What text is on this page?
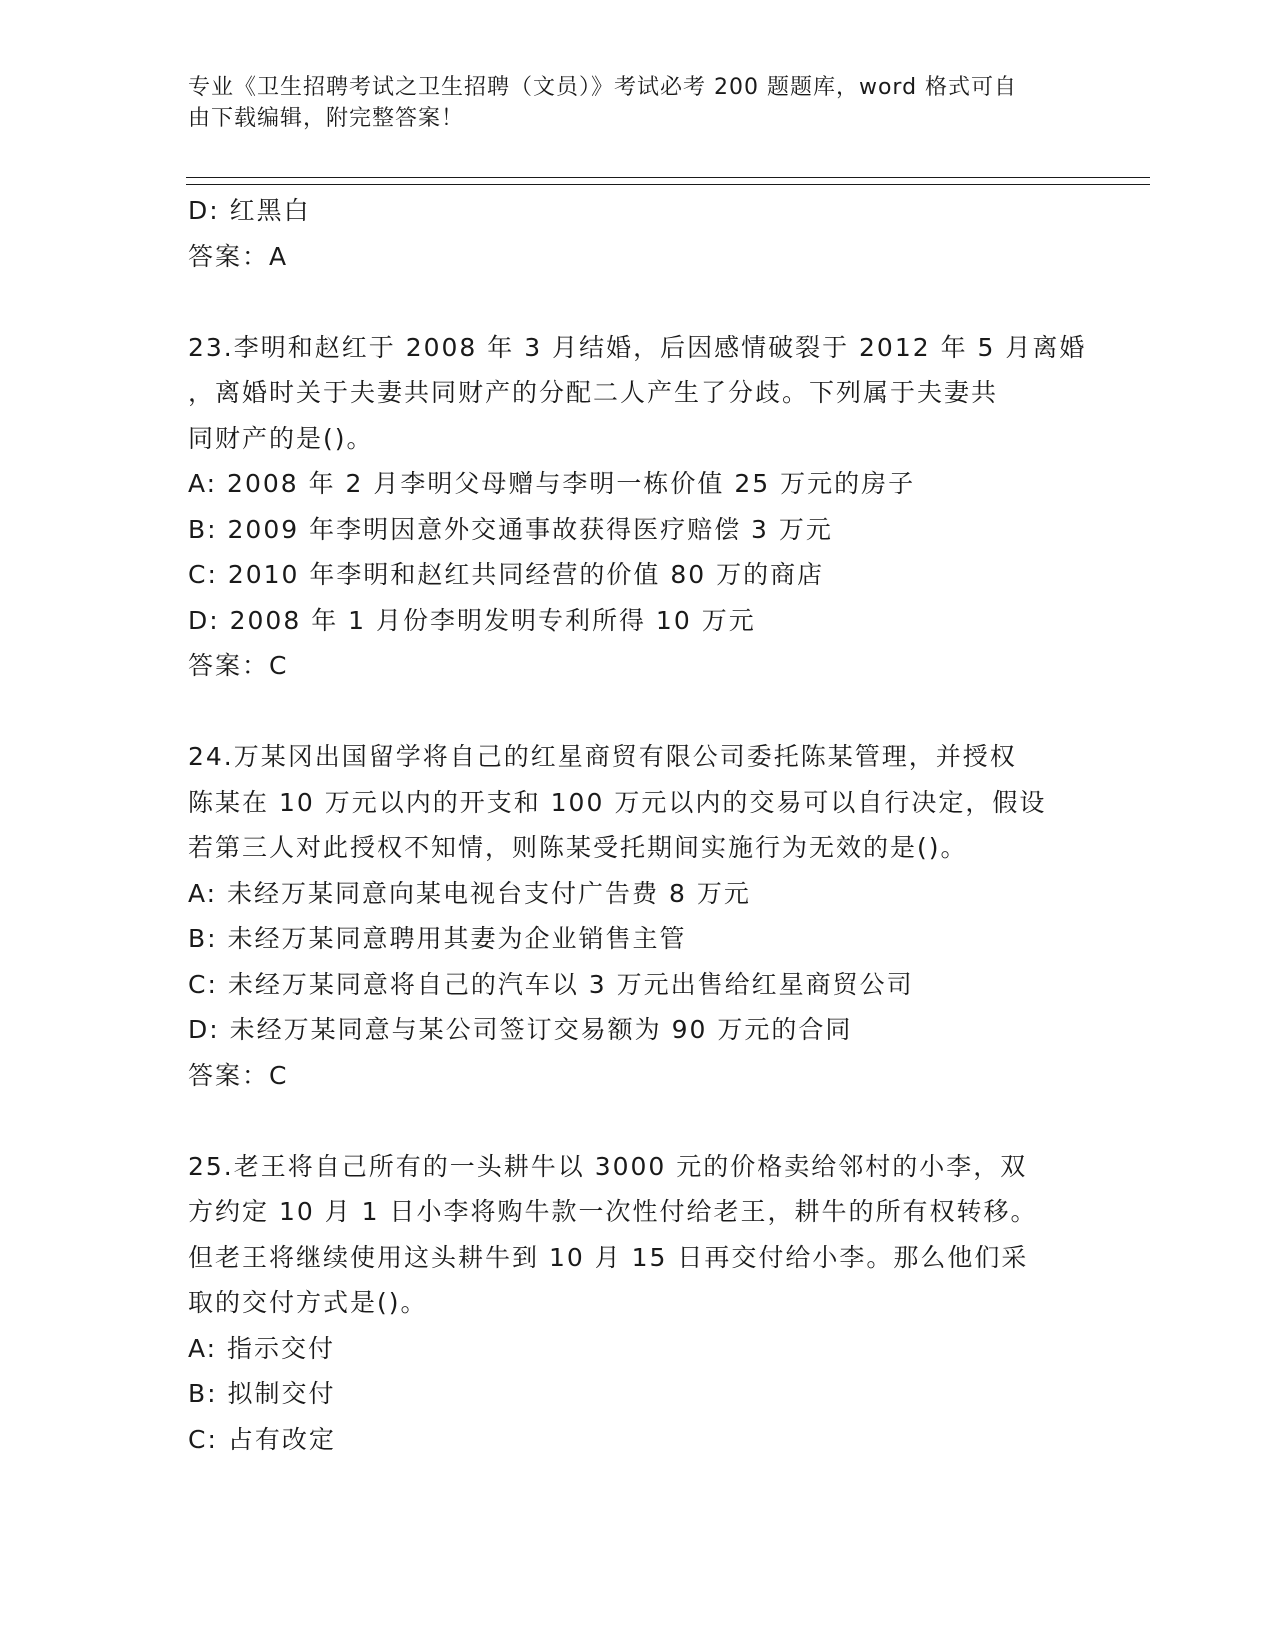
专业《卫生招聘考试之卫生招聘（文员）》考试必考 200 题题库，word 格式可自
由下载编辑，附完整答案！
D: 红黑白
答案：A
23.李明和赵红于 2008 年 3 月结婚，后因感情破裂于 2012 年 5 月离婚
，离婚时关于夫妻共同财产的分配二人产生了分歧。下列属于夫妻共
同财产的是()。
A: 2008 年 2 月李明父母赠与李明一栋价值 25 万元的房子
B: 2009 年李明因意外交通事故获得医疗赔偿 3 万元
C: 2010 年李明和赵红共同经营的价值 80 万的商店
D: 2008 年 1 月份李明发明专利所得 10 万元
答案：C
24.万某冈出国留学将自己的红星商贸有限公司委托陈某管理，并授权
陈某在 10 万元以内的开支和 100 万元以内的交易可以自行决定，假设
若第三人对此授权不知情，则陈某受托期间实施行为无效的是()。
A: 未经万某同意向某电视台支付广告费 8 万元
B: 未经万某同意聘用其妻为企业销售主管
C: 未经万某同意将自己的汽车以 3 万元出售给红星商贸公司
D: 未经万某同意与某公司签订交易额为 90 万元的合同
答案：C
25.老王将自己所有的一头耕牛以 3000 元的价格卖给邻村的小李，双
方约定 10 月 1 日小李将购牛款一次性付给老王，耕牛的所有权转移。
但老王将继续使用这头耕牛到 10 月 15 日再交付给小李。那么他们采
取的交付方式是()。
A: 指示交付
B: 拟制交付
C: 占有改定
